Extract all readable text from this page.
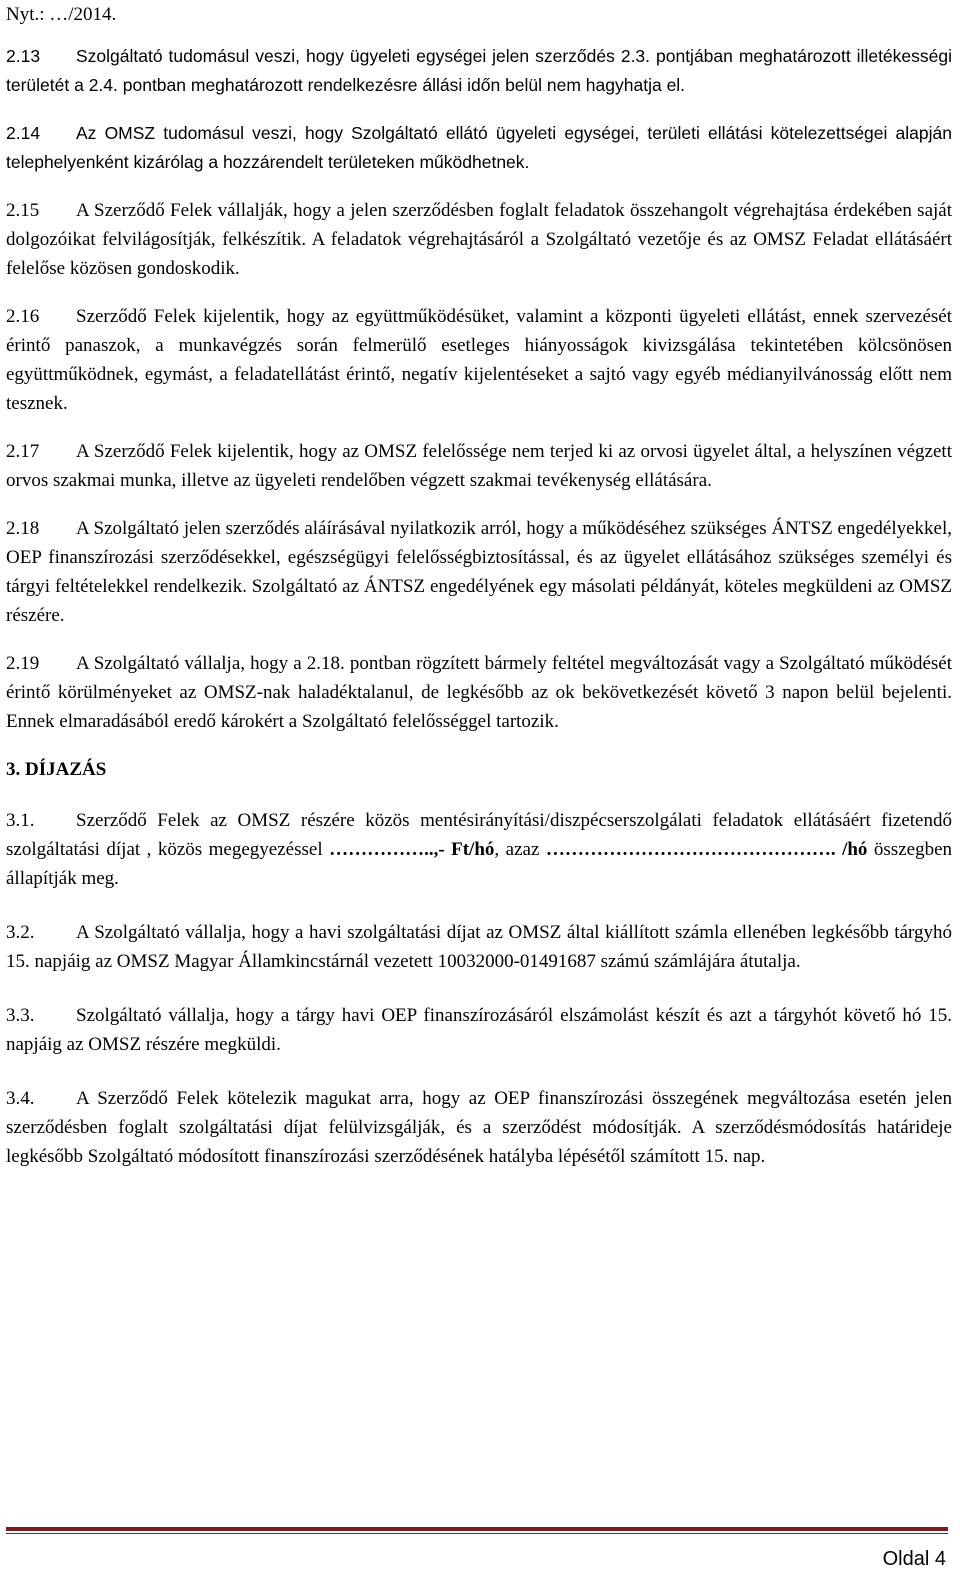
Nyt.: …/2014.

2.13 Szolgáltató tudomásul veszi, hogy ügyeleti egységei jelen szerződés 2.3. pontjában meghatározott illetékességi területét a 2.4. pontban meghatározott rendelkezésre állási időn belül nem hagyhatja el.

2.14 Az OMSZ tudomásul veszi, hogy Szolgáltató ellátó ügyeleti egységei, területi ellátási kötelezettségei alapján telephelyenként kizárólag a hozzárendelt területeken működhetnek.

2.15 A Szerződő Felek vállalják, hogy a jelen szerződésben foglalt feladatok összehangolt végrehajtása érdekében saját dolgozóikat felvilágosítják, felkészítik. A feladatok végrehajtásáról a Szolgáltató vezetője és az OMSZ Feladat ellátásáért felelőse közösen gondoskodik.

2.16 Szerződő Felek kijelentik, hogy az együttműködésüket, valamint a központi ügyeleti ellátást, ennek szervezését érintő panaszok, a munkavégzés során felmerülő esetleges hiányosságok kivizsgálása tekintetében kölcsönösen együttműködnek, egymást, a feladatellátást érintő, negatív kijelentéseket a sajtó vagy egyéb médianyilvánosság előtt nem tesznek.

2.17 A Szerződő Felek kijelentik, hogy az OMSZ felelőssége nem terjed ki az orvosi ügyelet által, a helyszínen végzett orvos szakmai munka, illetve az ügyeleti rendelőben végzett szakmai tevékenység ellátására.

2.18 A Szolgáltató jelen szerződés aláírásával nyilatkozik arról, hogy a működéséhez szükséges ÁNTSZ engedélyekkel, OEP finanszírozási szerződésekkel, egészségügyi felelősségbiztosítással, és az ügyelet ellátásához szükséges személyi és tárgyi feltételekkel rendelkezik. Szolgáltató az ÁNTSZ engedélyének egy másolati példányát, köteles megküldeni az OMSZ részére.

2.19 A Szolgáltató vállalja, hogy a 2.18. pontban rögzített bármely feltétel megváltozását vagy a Szolgáltató működését érintő körülményeket az OMSZ-nak haladéktalanul, de legkésőbb az ok bekövetkezését követő 3 napon belül bejelenti. Ennek elmaradásából eredő károkért a Szolgáltató felelősséggel tartozik.

3. DÍJAZÁS

3.1. Szerződő Felek az OMSZ részére közös mentésirányítási/diszpécserszolgálati feladatok ellátásáért fizetendő szolgáltatási díjat , közös megegyezéssel ……………..,- Ft/hó, azaz ………………………………………. /hó összegben állapítják meg.

3.2. A Szolgáltató vállalja, hogy a havi szolgáltatási díjat az OMSZ által kiállított számla ellenében legkésőbb tárgyhó 15. napjáig az OMSZ Magyar Államkincstárnál vezetett 10032000-01491687 számú számlájára átutalja.

3.3. Szolgáltató vállalja, hogy a tárgy havi OEP finanszírozásáról elszámolást készít és azt a tárgyhót követő hó 15. napjáig az OMSZ részére megküldi.

3.4. A Szerződő Felek kötelezik magukat arra, hogy az OEP finanszírozási összegének megváltozása esetén jelen szerződésben foglalt szolgáltatási díjat felülvizsgálják, és a szerződést módosítják. A szerződésmódosítás határideje legkésőbb Szolgáltató módosított finanszírozási szerződésének hatályba lépésétől számított 15. nap.

Oldal 4
